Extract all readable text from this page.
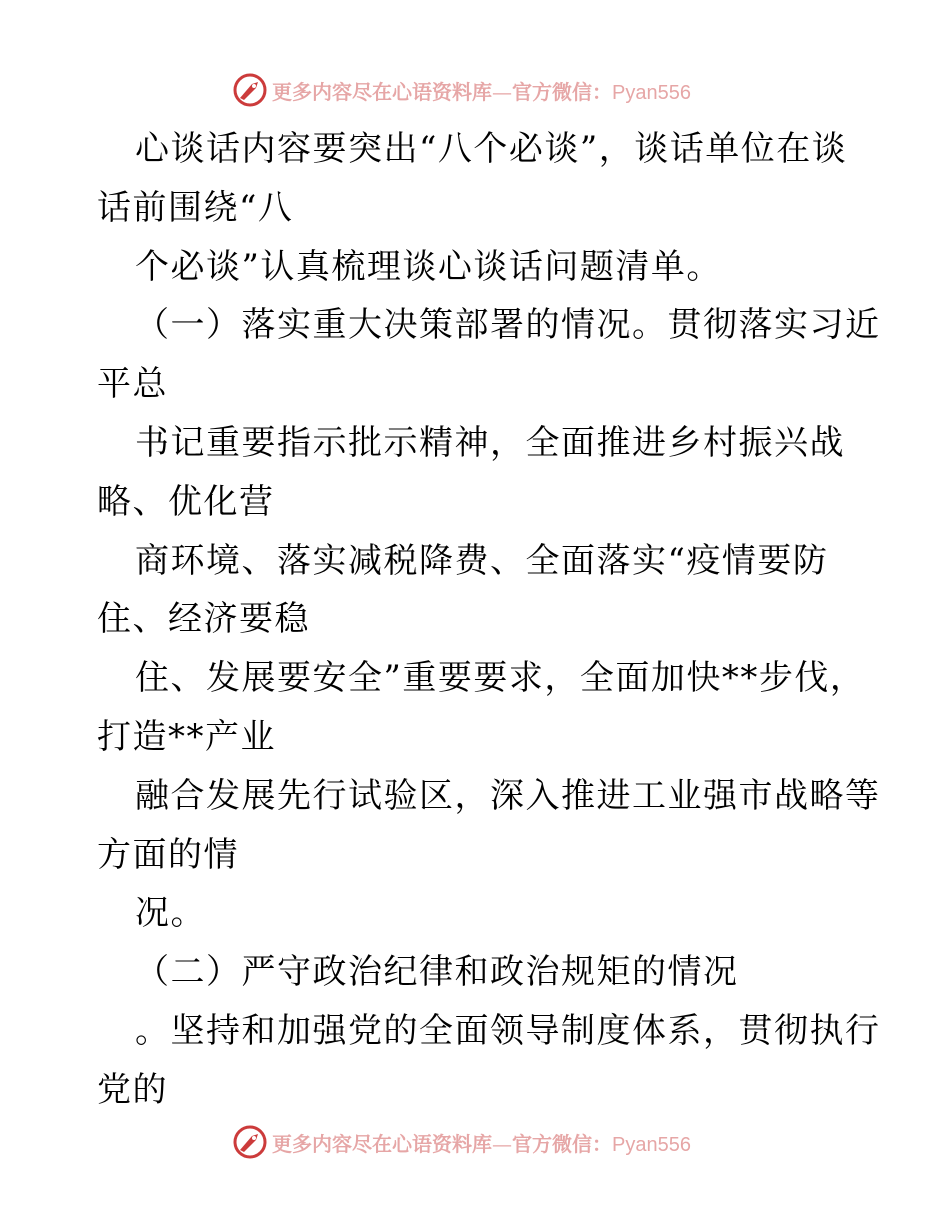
更多内容尽在心语资料库—官方微信：Pyan556
心谈话内容要突出“八个必谈”，谈话单位在谈
话前围绕“八
个必谈”认真梳理谈心谈话问题清单。
（一）落实重大决策部署的情况。贯彻落实习近
平总
书记重要指示批示精神，全面推进乡村振兴战
略、优化营
商环境、落实减税降费、全面落实“疫情要防
住、经济要稳
住、发展要安全”重要要求，全面加快**步伐，
打造**产业
融合发展先行试验区，深入推进工业强市战略等
方面的情
况。
（二）严守政治纪律和政治规矩的情况
。坚持和加强党的全面领导制度体系，贯彻执行
党的
更多内容尽在心语资料库—官方微信：Pyan556
